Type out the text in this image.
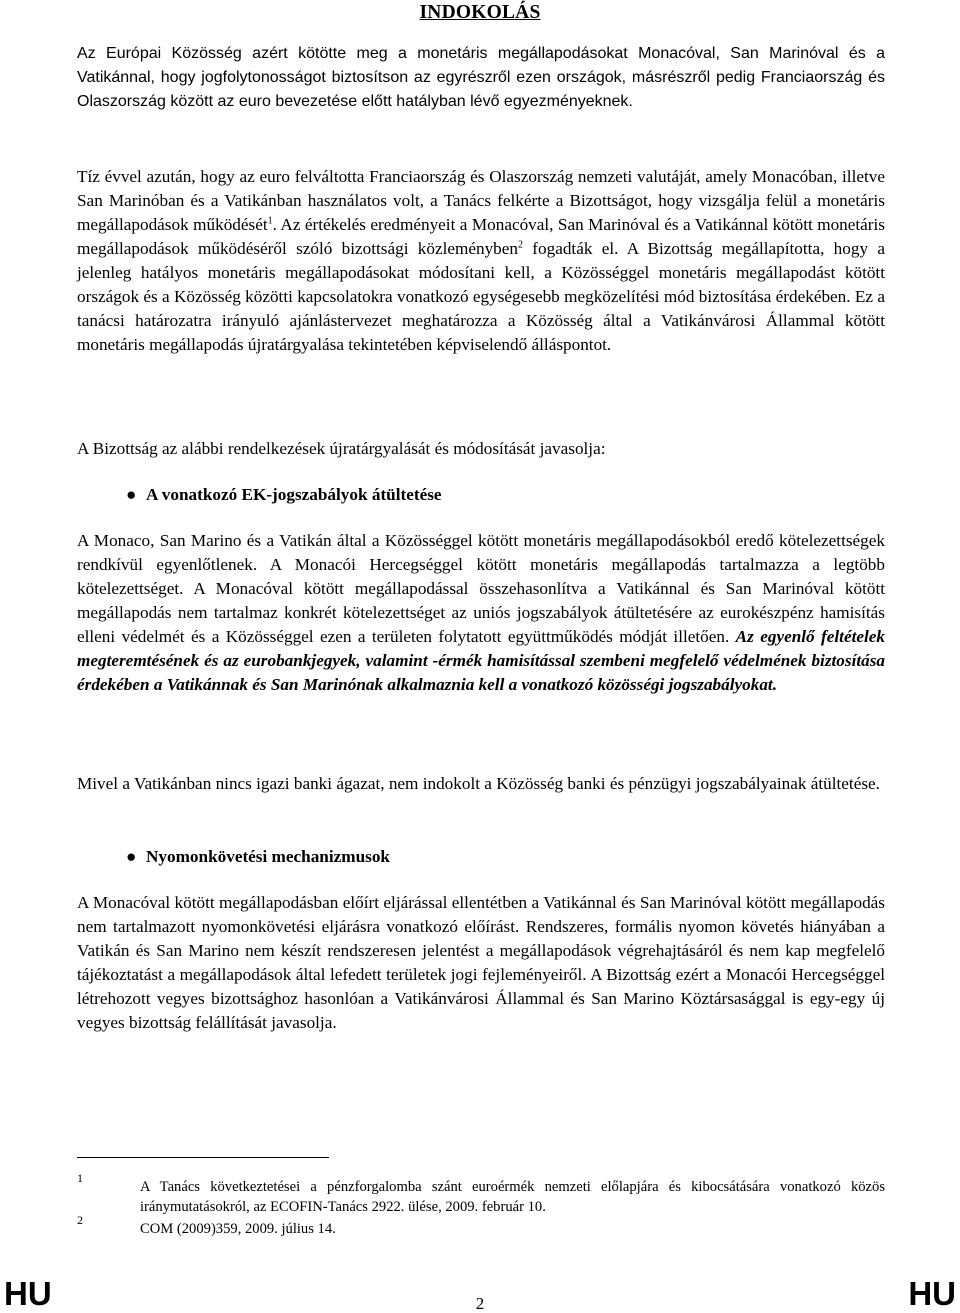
INDOKOLÁS

Az Európai Közösség azért kötötte meg a monetáris megállapodásokat Monacóval, San Marinóval és a Vatikánnal, hogy jogfolytonosságot biztosítson az egyrészről ezen országok, másrészről pedig Franciaország és Olaszország között az euro bevezetése előtt hatályban lévő egyezményeknek.

Tíz évvel azután, hogy az euro felváltotta Franciaország és Olaszország nemzeti valutáját, amely Monacóban, illetve San Marinóban és a Vatikánban használatos volt, a Tanács felkérte a Bizottságot, hogy vizsgálja felül a monetáris megállapodások működését$^1$. Az értékelés eredményeit a Monacóval, San Marinóval és a Vatikánnal kötött monetáris megállapodások működéséről szóló bizottsági közleményben$^2$ fogadták el. A Bizottság megállapította, hogy a jelenleg hatályos monetáris megállapodásokat módosítani kell, a Közösséggel monetáris megállapodást kötött országok és a Közösség közötti kapcsolatokra vonatkozó egységesebb megközelítési mód biztosítása érdekében. Ez a tanácsi határozatra irányuló ajánlástervezet meghatározza a Közösség által a Vatikánvárosi Állammal kötött monetáris megállapodás újratárgyalása tekintetében képviselendő álláspontot.

A Bizottság az alábbi rendelkezések újratárgyalását és módosítását javasolja:

● A vonatkozó EK-jogszabályok átültetése

A Monaco, San Marino és a Vatikán által a Közösséggel kötött monetáris megállapodásokból eredő kötelezettségek rendkívül egyenlőtlenek. A Monacói Hercegséggel kötött monetáris megállapodás tartalmazza a legtöbb kötelezettséget. A Monacóval kötött megállapodással összehasonlítva a Vatikánnal és San Marinóval kötött megállapodás nem tartalmaz konkrét kötelezettséget az uniós jogszabályok átültetésére az eurokészpénz hamisítás elleni védelmét és a Közösséggel ezen a területen folytatott együttműködés módját illetően. Az egyenlő feltételek megteremtésének és az eurobankjegyek, valamint -érmék hamisítással szembeni megfelelő védelmének biztosítása érdekében a Vatikánnak és San Marinónak alkalmaznia kell a vonatkozó közösségi jogszabályokat.

Mivel a Vatikánban nincs igazi banki ágazat, nem indokolt a Közösség banki és pénzügyi jogszabályainak átültetése.

● Nyomonkövetési mechanizmusok

A Monacóval kötött megállapodásban előírt eljárással ellentétben a Vatikánnal és San Marinóval kötött megállapodás nem tartalmazott nyomonkövetési eljárásra vonatkozó előírást. Rendszeres, formális nyomon követés hiányában a Vatikán és San Marino nem készít rendszeresen jelentést a megállapodások végrehajtásáról és nem kap megfelelő tájékoztatást a megállapodások által lefedett területek jogi fejleményeiről. A Bizottság ezért a Monacói Hercegséggel létrehozott vegyes bizottsághoz hasonlóan a Vatikánvárosi Állammal és San Marino Köztársasággal is egy-egy új vegyes bizottság felállítását javasolja.

1

A Tanács következtetései a pénzforgalomba szánt euroérmék nemzeti előlapjára és kibocsátására vonatkozó közös iránymutatásokról, az ECOFIN-Tanács 2922. ülése, 2009. február 10.

2

COM (2009)359, 2009. július 14.

HU	2	HU
